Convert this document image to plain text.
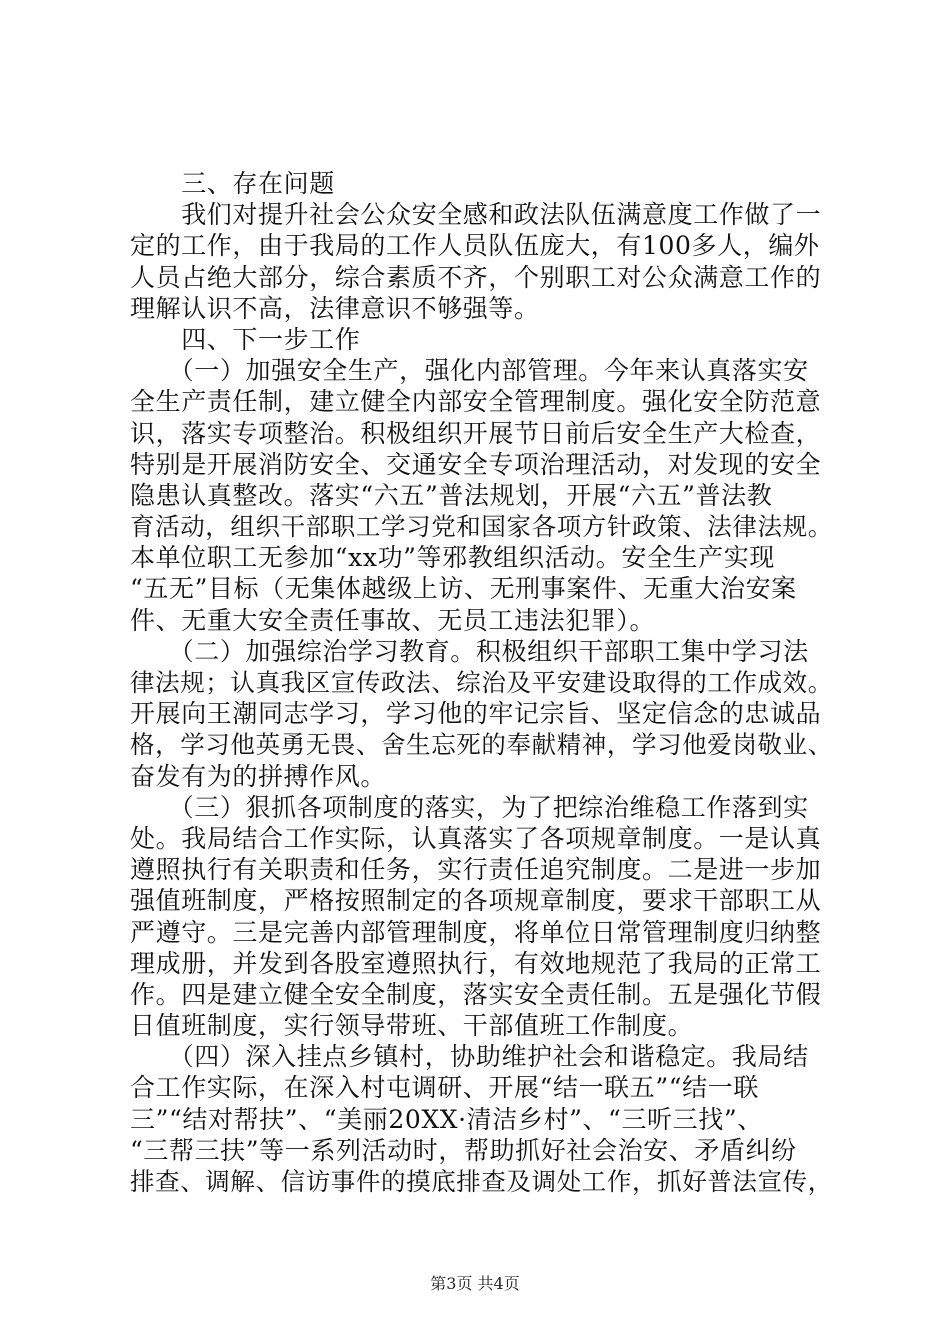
　　三、存在问题
　　我们对提升社会公众安全感和政法队伍满意度工作做了一
定的工作，由于我局的工作人员队伍庞大，有100多人，编外
人员占绝大部分，综合素质不齐，个别职工对公众满意工作的
理解认识不高，法律意识不够强等。
　　四、下一步工作
　　（一）加强安全生产，强化内部管理。今年来认真落实安
全生产责任制，建立健全内部安全管理制度。强化安全防范意
识，落实专项整治。积极组织开展节日前后安全生产大检查，
特别是开展消防安全、交通安全专项治理活动，对发现的安全
隐患认真整改。落实“六五”普法规划，开展“六五”普法教
育活动，组织干部职工学习党和国家各项方针政策、法律法规。
本单位职工无参加“xx功”等邪教组织活动。安全生产实现
“五无”目标（无集体越级上访、无刑事案件、无重大治安案
件、无重大安全责任事故、无员工违法犯罪）。
　　（二）加强综治学习教育。积极组织干部职工集中学习法
律法规；认真我区宣传政法、综治及平安建设取得的工作成效。
开展向王潮同志学习，学习他的牢记宗旨、坚定信念的忠诚品
格，学习他英勇无畏、舍生忘死的奉献精神，学习他爱岗敬业、
奋发有为的拼搏作风。
　　（三）狠抓各项制度的落实，为了把综治维稳工作落到实
处。我局结合工作实际，认真落实了各项规章制度。一是认真
遵照执行有关职责和任务，实行责任追究制度。二是进一步加
强值班制度，严格按照制定的各项规章制度，要求干部职工从
严遵守。三是完善内部管理制度，将单位日常管理制度归纳整
理成册，并发到各股室遵照执行，有效地规范了我局的正常工
作。四是建立健全安全制度，落实安全责任制。五是强化节假
日值班制度，实行领导带班、干部值班工作制度。
　　（四）深入挂点乡镇村，协助维护社会和谐稳定。我局结
合工作实际，在深入村屯调研、开展“结一联五”“结一联
三”“结对帮扶”、“美丽20XX·清洁乡村”、“三听三找”、
“三帮三扶”等一系列活动时，帮助抓好社会治安、矛盾纠纷
排查、调解、信访事件的摸底排查及调处工作，抓好普法宣传，
第3页 共4页
